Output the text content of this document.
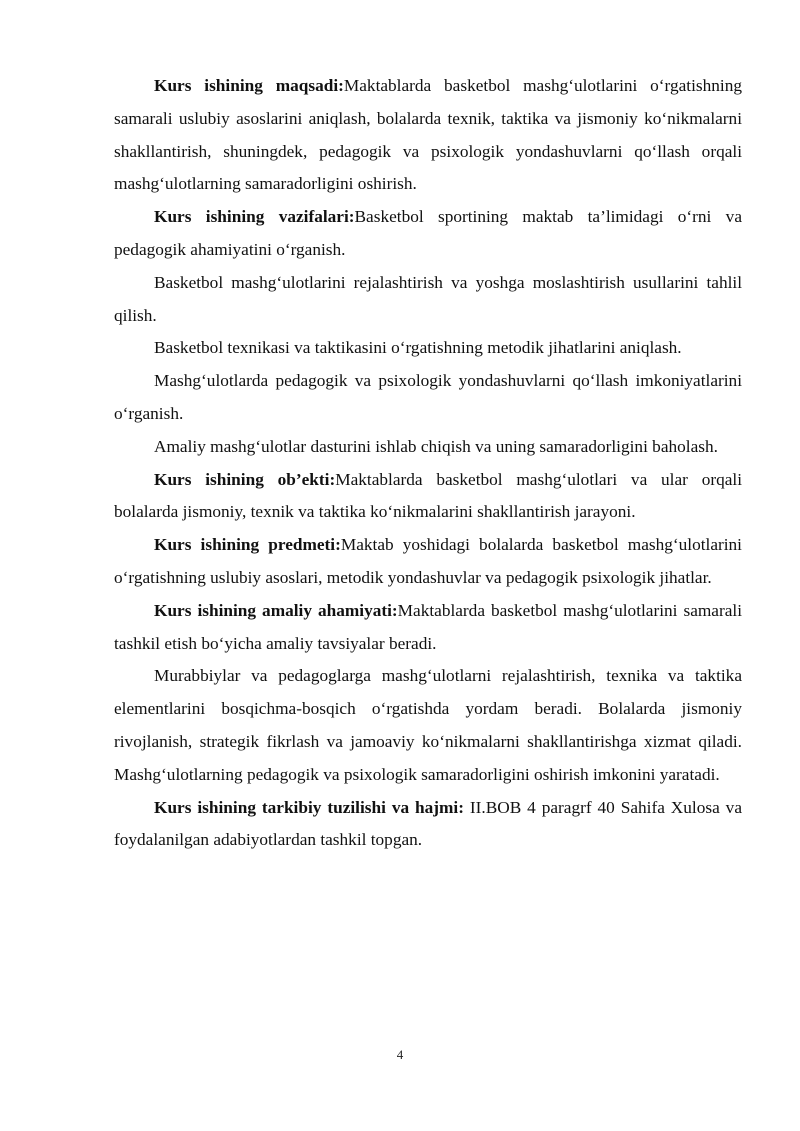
Kurs ishining maqsadi:Maktablarda basketbol mashg‘ulotlarini o‘rgatishning samarali uslubiy asoslarini aniqlash, bolalarda texnik, taktika va jismoniy ko‘nikmalarni shakllantirish, shuningdek, pedagogik va psixologik yondashuvlarni qo‘llash orqali mashg‘ulotlarning samaradorligini oshirish.

Kurs ishining vazifalari:Basketbol sportining maktab ta’limidagi o‘rni va pedagogik ahamiyatini o‘rganish.

Basketbol mashg‘ulotlarini rejalashtirish va yoshga moslashtirish usullarini tahlil qilish.

Basketbol texnikasi va taktikasini o‘rgatishning metodik jihatlarini aniqlash.

Mashg‘ulotlarda pedagogik va psixologik yondashuvlarni qo‘llash imkoniyatlarini o‘rganish.

Amaliy mashg‘ulotlar dasturini ishlab chiqish va uning samaradorligini baholash.

Kurs ishining ob’ekti:Maktablarda basketbol mashg‘ulotlari va ular orqali bolalarda jismoniy, texnik va taktika ko‘nikmalarini shakllantirish jarayoni.

Kurs ishining predmeti:Maktab yoshidagi bolalarda basketbol mashg‘ulotlarini o‘rgatishning uslubiy asoslari, metodik yondashuvlar va pedagogik psixologik jihatlar.

Kurs ishining amaliy ahamiyati:Maktablarda basketbol mashg‘ulotlarini samarali tashkil etish bo‘yicha amaliy tavsiyalar beradi.

Murabbiylar va pedagoglarga mashg‘ulotlarni rejalashtirish, texnika va taktika elementlarini bosqichma-bosqich o‘rgatishda yordam beradi. Bolalarda jismoniy rivojlanish, strategik fikrlash va jamoaviy ko‘nikmalarni shakllantirishga xizmat qiladi. Mashg‘ulotlarning pedagogik va psixologik samaradorligini oshirish imkonini yaratadi.

Kurs ishining tarkibiy tuzilishi va hajmi: II.BOB 4 paragrf 40 Sahifa Xulosa va foydalanilgan adabiyotlardan tashkil topgan.

4
